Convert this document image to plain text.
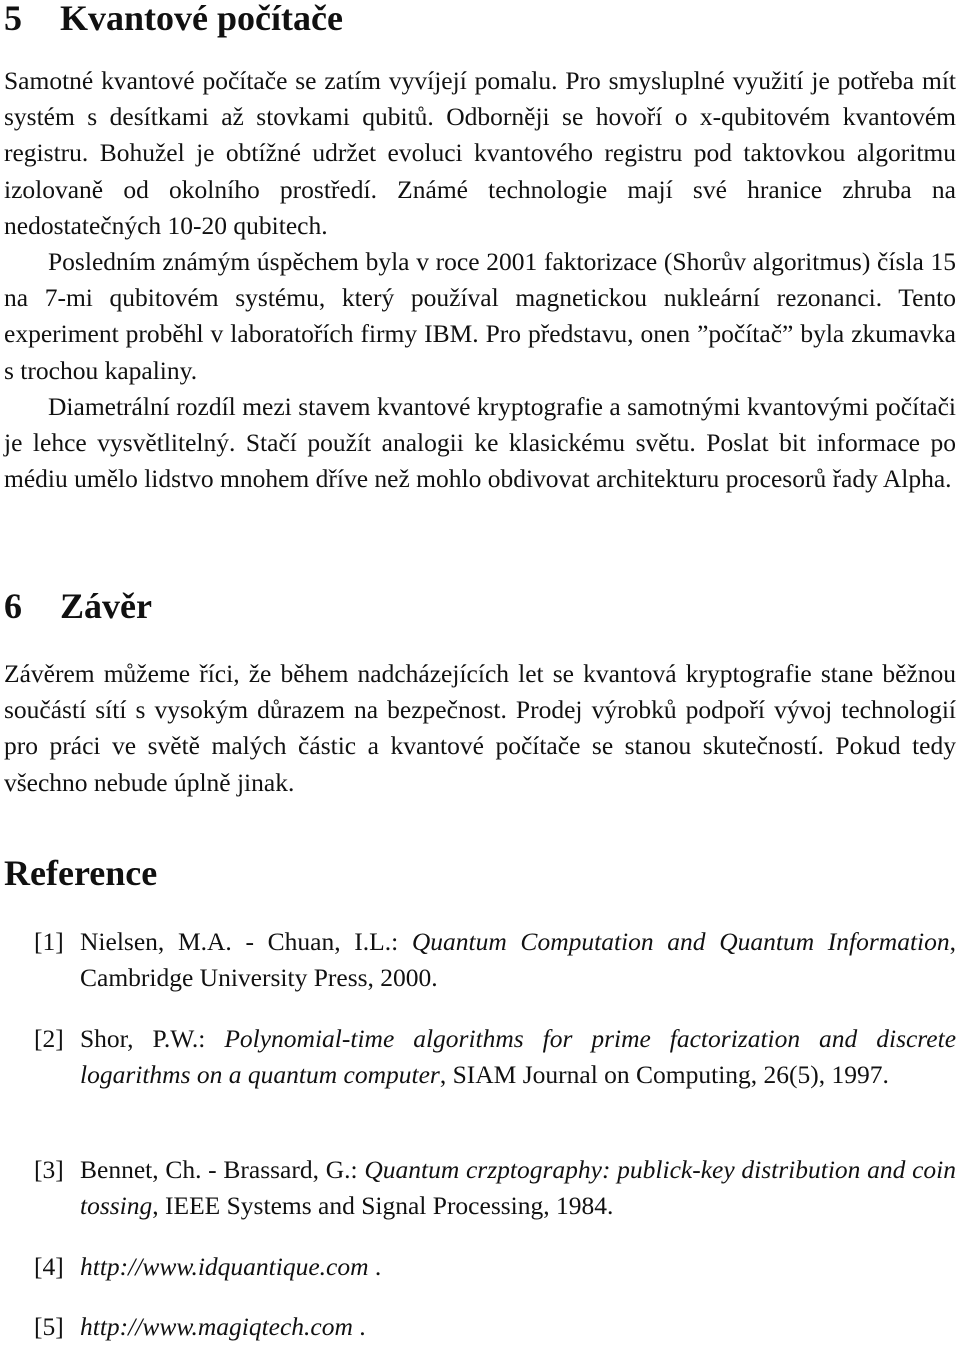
5 Kvantové počítače

Samotné kvantové počítače se zatím vyvíjejí pomalu. Pro smysluplné využití je potřeba mít systém s desítkami až stovkami qubitů. Odborněji se hovoří o x-qubitovém kvantovém registru. Bohužel je obtížné udržet evoluci kvantového registru pod taktovkou algoritmu izolovaně od okolního prostředí. Známé technologie mají své hranice zhruba na nedostatečných 10-20 qubitech.

Posledním známým úspěchem byla v roce 2001 faktorizace (Shorův algoritmus) čísla 15 na 7-mi qubitovém systému, který používal magnetickou nukleární rezonanci. Tento experiment proběhl v laboratořích firmy IBM. Pro představu, onen ”počítač” byla zkumavka s trochou kapaliny.

Diametrální rozdíl mezi stavem kvantové kryptografie a samotnými kvantovými počítači je lehce vysvětlitelný. Stačí použít analogii ke klasickému světu. Poslat bit informace po médiu umělo lidstvo mnohem dříve než mohlo obdivovat architekturu procesorů řady Alpha.

6 Závěr

Závěrem můžeme říci, že během nadcházejících let se kvantová kryptografie stane běžnou součástí sítí s vysokým důrazem na bezpečnost. Prodej výrobků podpoří vývoj technologií pro práci ve světě malých částic a kvantové počítače se stanou skutečností. Pokud tedy všechno nebude úplně jinak.

Reference
[1] Nielsen, M.A. - Chuan, I.L.: Quantum Computation and Quantum Information, Cambridge University Press, 2000.
[2] Shor, P.W.: Polynomial-time algorithms for prime factorization and discrete logarithms on a quantum computer, SIAM Journal on Computing, 26(5), 1997.
[3] Bennet, Ch. - Brassard, G.: Quantum crzptography: publick-key distribution and coin tossing, IEEE Systems and Signal Processing, 1984.
[4] http://www.idquantique.com .
[5] http://www.magiqtech.com .
